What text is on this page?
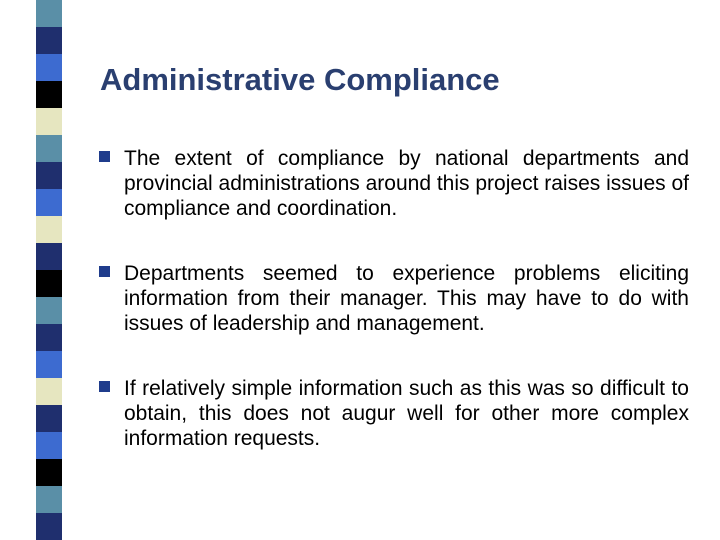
Administrative Compliance
The extent of compliance by national departments and provincial administrations around this project raises issues of compliance and coordination.
Departments seemed to experience problems eliciting information from their manager. This may have to do with issues of leadership and management.
If relatively simple information such as this was so difficult to obtain, this does not augur well for other more complex information requests.
